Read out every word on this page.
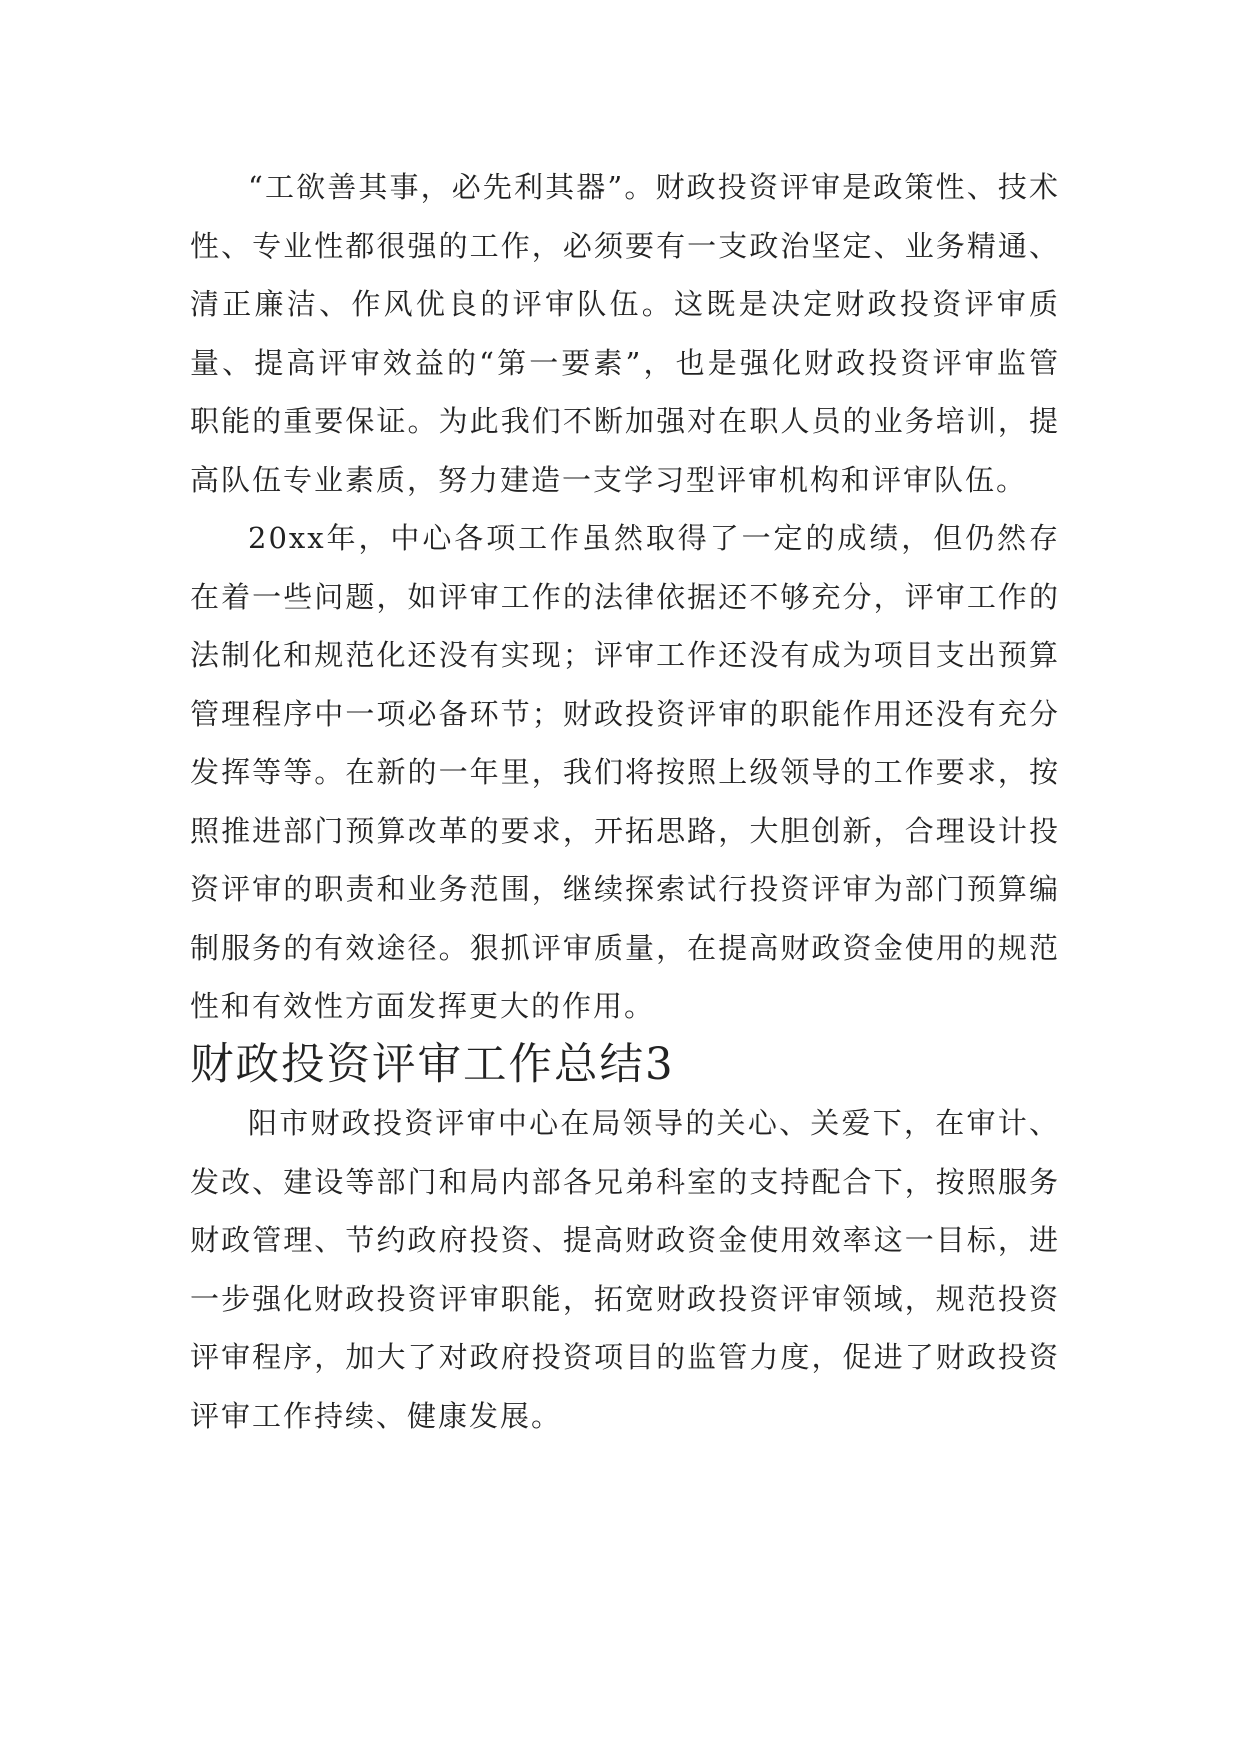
“工欲善其事，必先利其器”。财政投资评审是政策性、技术性、专业性都很强的工作，必须要有一支政治坚定、业务精通、清正廉洁、作风优良的评审队伍。这既是决定财政投资评审质量、提高评审效益的“第一要素”，也是强化财政投资评审监管职能的重要保证。为此我们不断加强对在职人员的业务培训，提高队伍专业素质，努力建造一支学习型评审机构和评审队伍。

20xx年，中心各项工作虽然取得了一定的成绩，但仍然存在着一些问题，如评审工作的法律依据还不够充分，评审工作的法制化和规范化还没有实现；评审工作还没有成为项目支出预算管理程序中一项必备环节；财政投资评审的职能作用还没有充分发挥等等。在新的一年里，我们将按照上级领导的工作要求，按照推进部门预算改革的要求，开拓思路，大胆创新，合理设计投资评审的职责和业务范围，继续探索试行投资评审为部门预算编制服务的有效途径。狠抓评审质量，在提高财政资金使用的规范性和有效性方面发挥更大的作用。

财政投资评审工作总结3

阳市财政投资评审中心在局领导的关心、关爱下，在审计、发改、建设等部门和局内部各兄弟科室的支持配合下，按照服务财政管理、节约政府投资、提高财政资金使用效率这一目标，进一步强化财政投资评审职能，拓宽财政投资评审领域，规范投资评审程序，加大了对政府投资项目的监管力度，促进了财政投资评审工作持续、健康发展。
